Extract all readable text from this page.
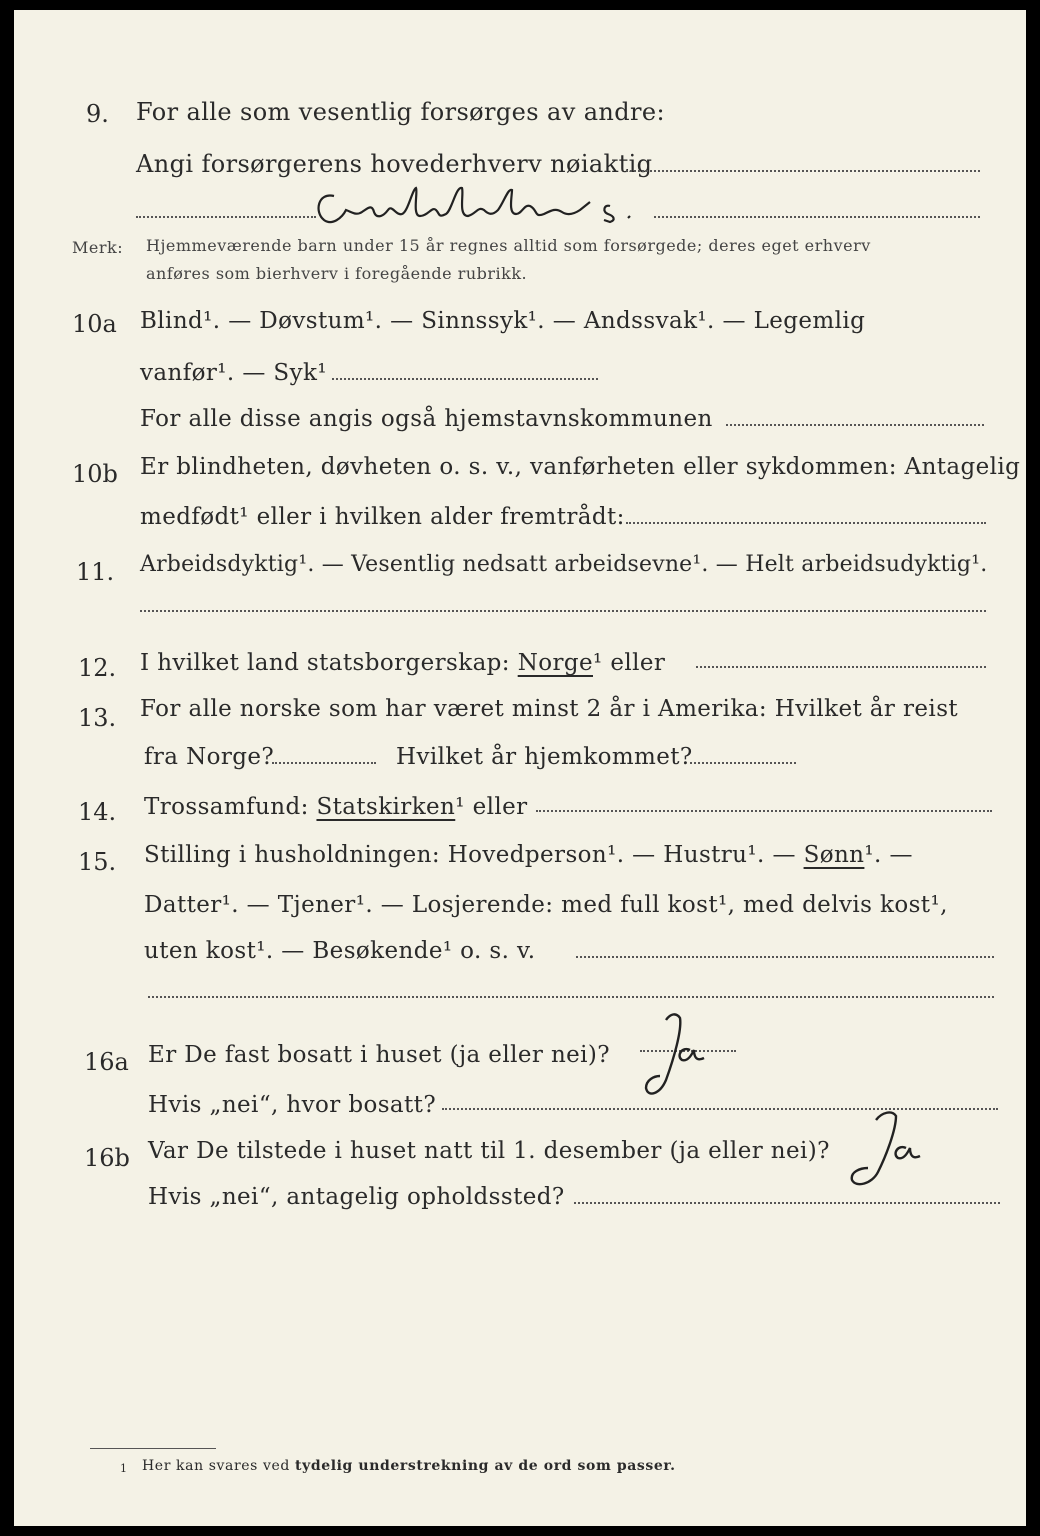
9. For alle som vesentlig forsørges av andre:
Angi forsørgerens hovederhverv nøiaktig
Merk: Hjemmeværende barn under 15 år regnes alltid som forsørgede; deres eget erhverv
anføres som bierhverv i foregående rubrikk.
10a Blind¹. — Døvstum¹. — Sinnssyk¹. — Andssvak¹. — Legemlig
vanfør¹. — Syk¹
For alle disse angis også hjemstavnskommunen
10b Er blindheten, døvheten o. s. v., vanførheten eller sykdommen: Antagelig
medfødt¹ eller i hvilken alder fremtrådt:
11. Arbeidsdyktig¹. — Vesentlig nedsatt arbeidsevne¹. — Helt arbeidsudyktig¹.
12. I hvilket land statsborgerskap: Norge¹ eller
13. For alle norske som har været minst 2 år i Amerika: Hvilket år reist
fra Norge?	Hvilket år hjemkommet?
14. Trossamfund: Statskirken¹ eller
15. Stilling i husholdningen: Hovedperson¹. — Hustru¹. — Sønn¹. —
Datter¹. — Tjener¹. — Losjerende: med full kost¹, med delvis kost¹,
uten kost¹. — Besøkende¹ o. s. v.
16a Er De fast bosatt i huset (ja eller nei)?
Hvis „nei“, hvor bosatt?
16b Var De tilstede i huset natt til 1. desember (ja eller nei)?
Hvis „nei“, antagelig opholdssted?
1 Her kan svares ved tydelig understrekning av de ord som passer.
